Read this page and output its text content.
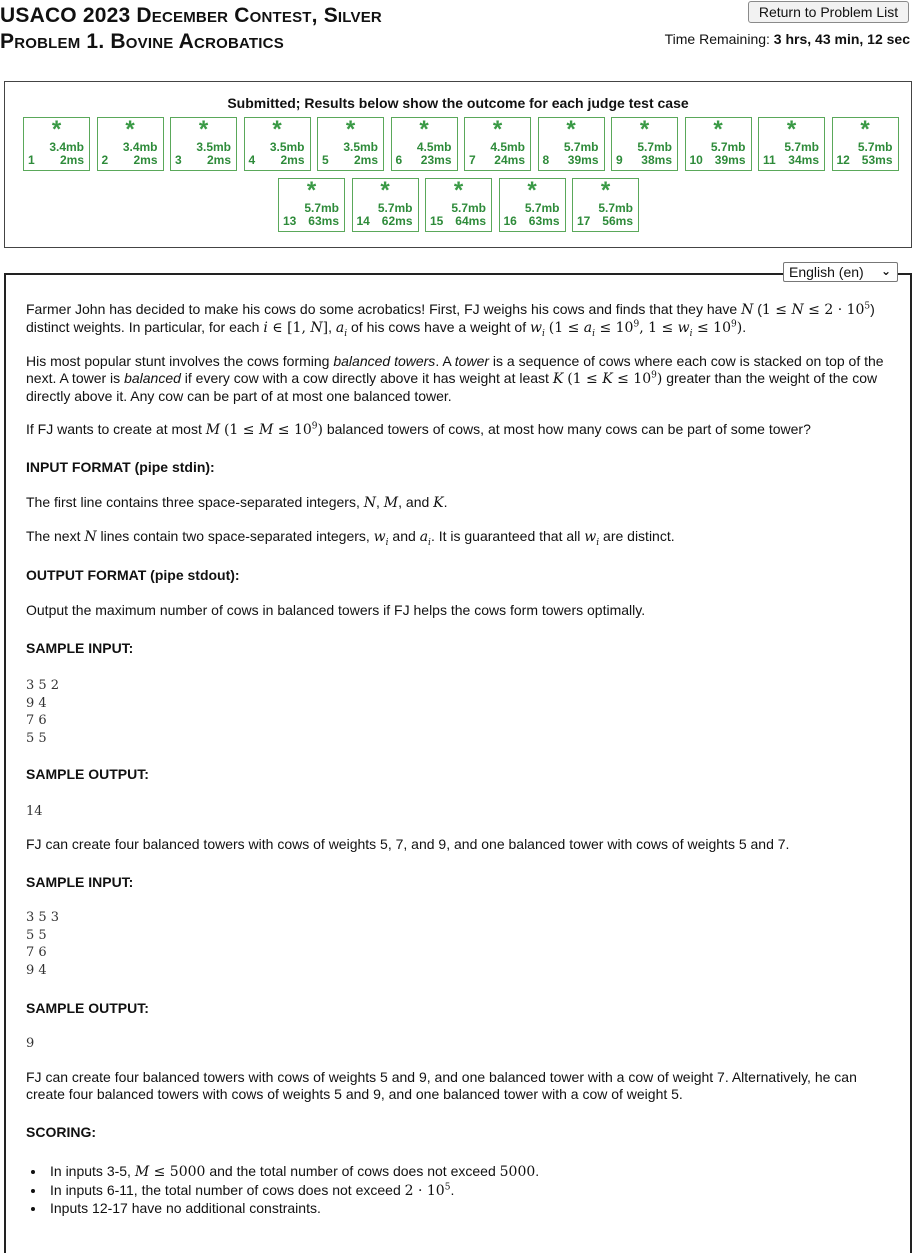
USACO 2023 December Contest, Silver
Problem 1. Bovine Acrobatics
Return to Problem List
Time Remaining: 3 hrs, 43 min, 12 sec
Submitted; Results below show the outcome for each judge test case
*
3.4mb
1 2ms
*
3.4mb
2 2ms
*
3.5mb
3 2ms
*
3.5mb
4 2ms
*
3.5mb
5 2ms
*
4.5mb
6 23ms
*
4.5mb
7 24ms
*
5.7mb
8 39ms
*
5.7mb
9 38ms
*
5.7mb
10 39ms
*
5.7mb
11 34ms
*
5.7mb
12 53ms
*
5.7mb
13 63ms
*
5.7mb
14 62ms
*
5.7mb
15 64ms
*
5.7mb
16 63ms
*
5.7mb
17 56ms
English (en) ⌄
Farmer John has decided to make his cows do some acrobatics! First, FJ weighs his cows and finds that they have N $(1 \le N \le 2 \cdot 10^5)$ distinct weights. In particular, for each i ∈ [1, N], $a_i$ of his cows have a weight of $w_i$ ($1 \le a_i \le 10^9$, $1 \le w_i \le 10^9$).
His most popular stunt involves the cows forming balanced towers. A tower is a sequence of cows where each cow is stacked on top of the next. A tower is balanced if every cow with a cow directly above it has weight at least K $(1 \le K \le 10^9)$ greater than the weight of the cow directly above it. Any cow can be part of at most one balanced tower.
If FJ wants to create at most M $(1 \le M \le 10^9)$ balanced towers of cows, at most how many cows can be part of some tower?
INPUT FORMAT (pipe stdin):
The first line contains three space-separated integers, N, M, and K.
The next N lines contain two space-separated integers, $w_i$ and $a_i$. It is guaranteed that all $w_i$ are distinct.
OUTPUT FORMAT (pipe stdout):
Output the maximum number of cows in balanced towers if FJ helps the cows form towers optimally.
SAMPLE INPUT:
3 5 2
9 4
7 6
5 5
SAMPLE OUTPUT:
14
FJ can create four balanced towers with cows of weights 5, 7, and 9, and one balanced tower with cows of weights 5 and 7.
SAMPLE INPUT:
3 5 3
5 5
7 6
9 4
SAMPLE OUTPUT:
9
FJ can create four balanced towers with cows of weights 5 and 9, and one balanced tower with a cow of weight 7. Alternatively, he can create four balanced towers with cows of weights 5 and 9, and one balanced tower with a cow of weight 5.
SCORING:
• In inputs 3-5, M ≤ 5000 and the total number of cows does not exceed 5000.
• In inputs 6-11, the total number of cows does not exceed $2 \cdot 10^5$.
• Inputs 12-17 have no additional constraints.
